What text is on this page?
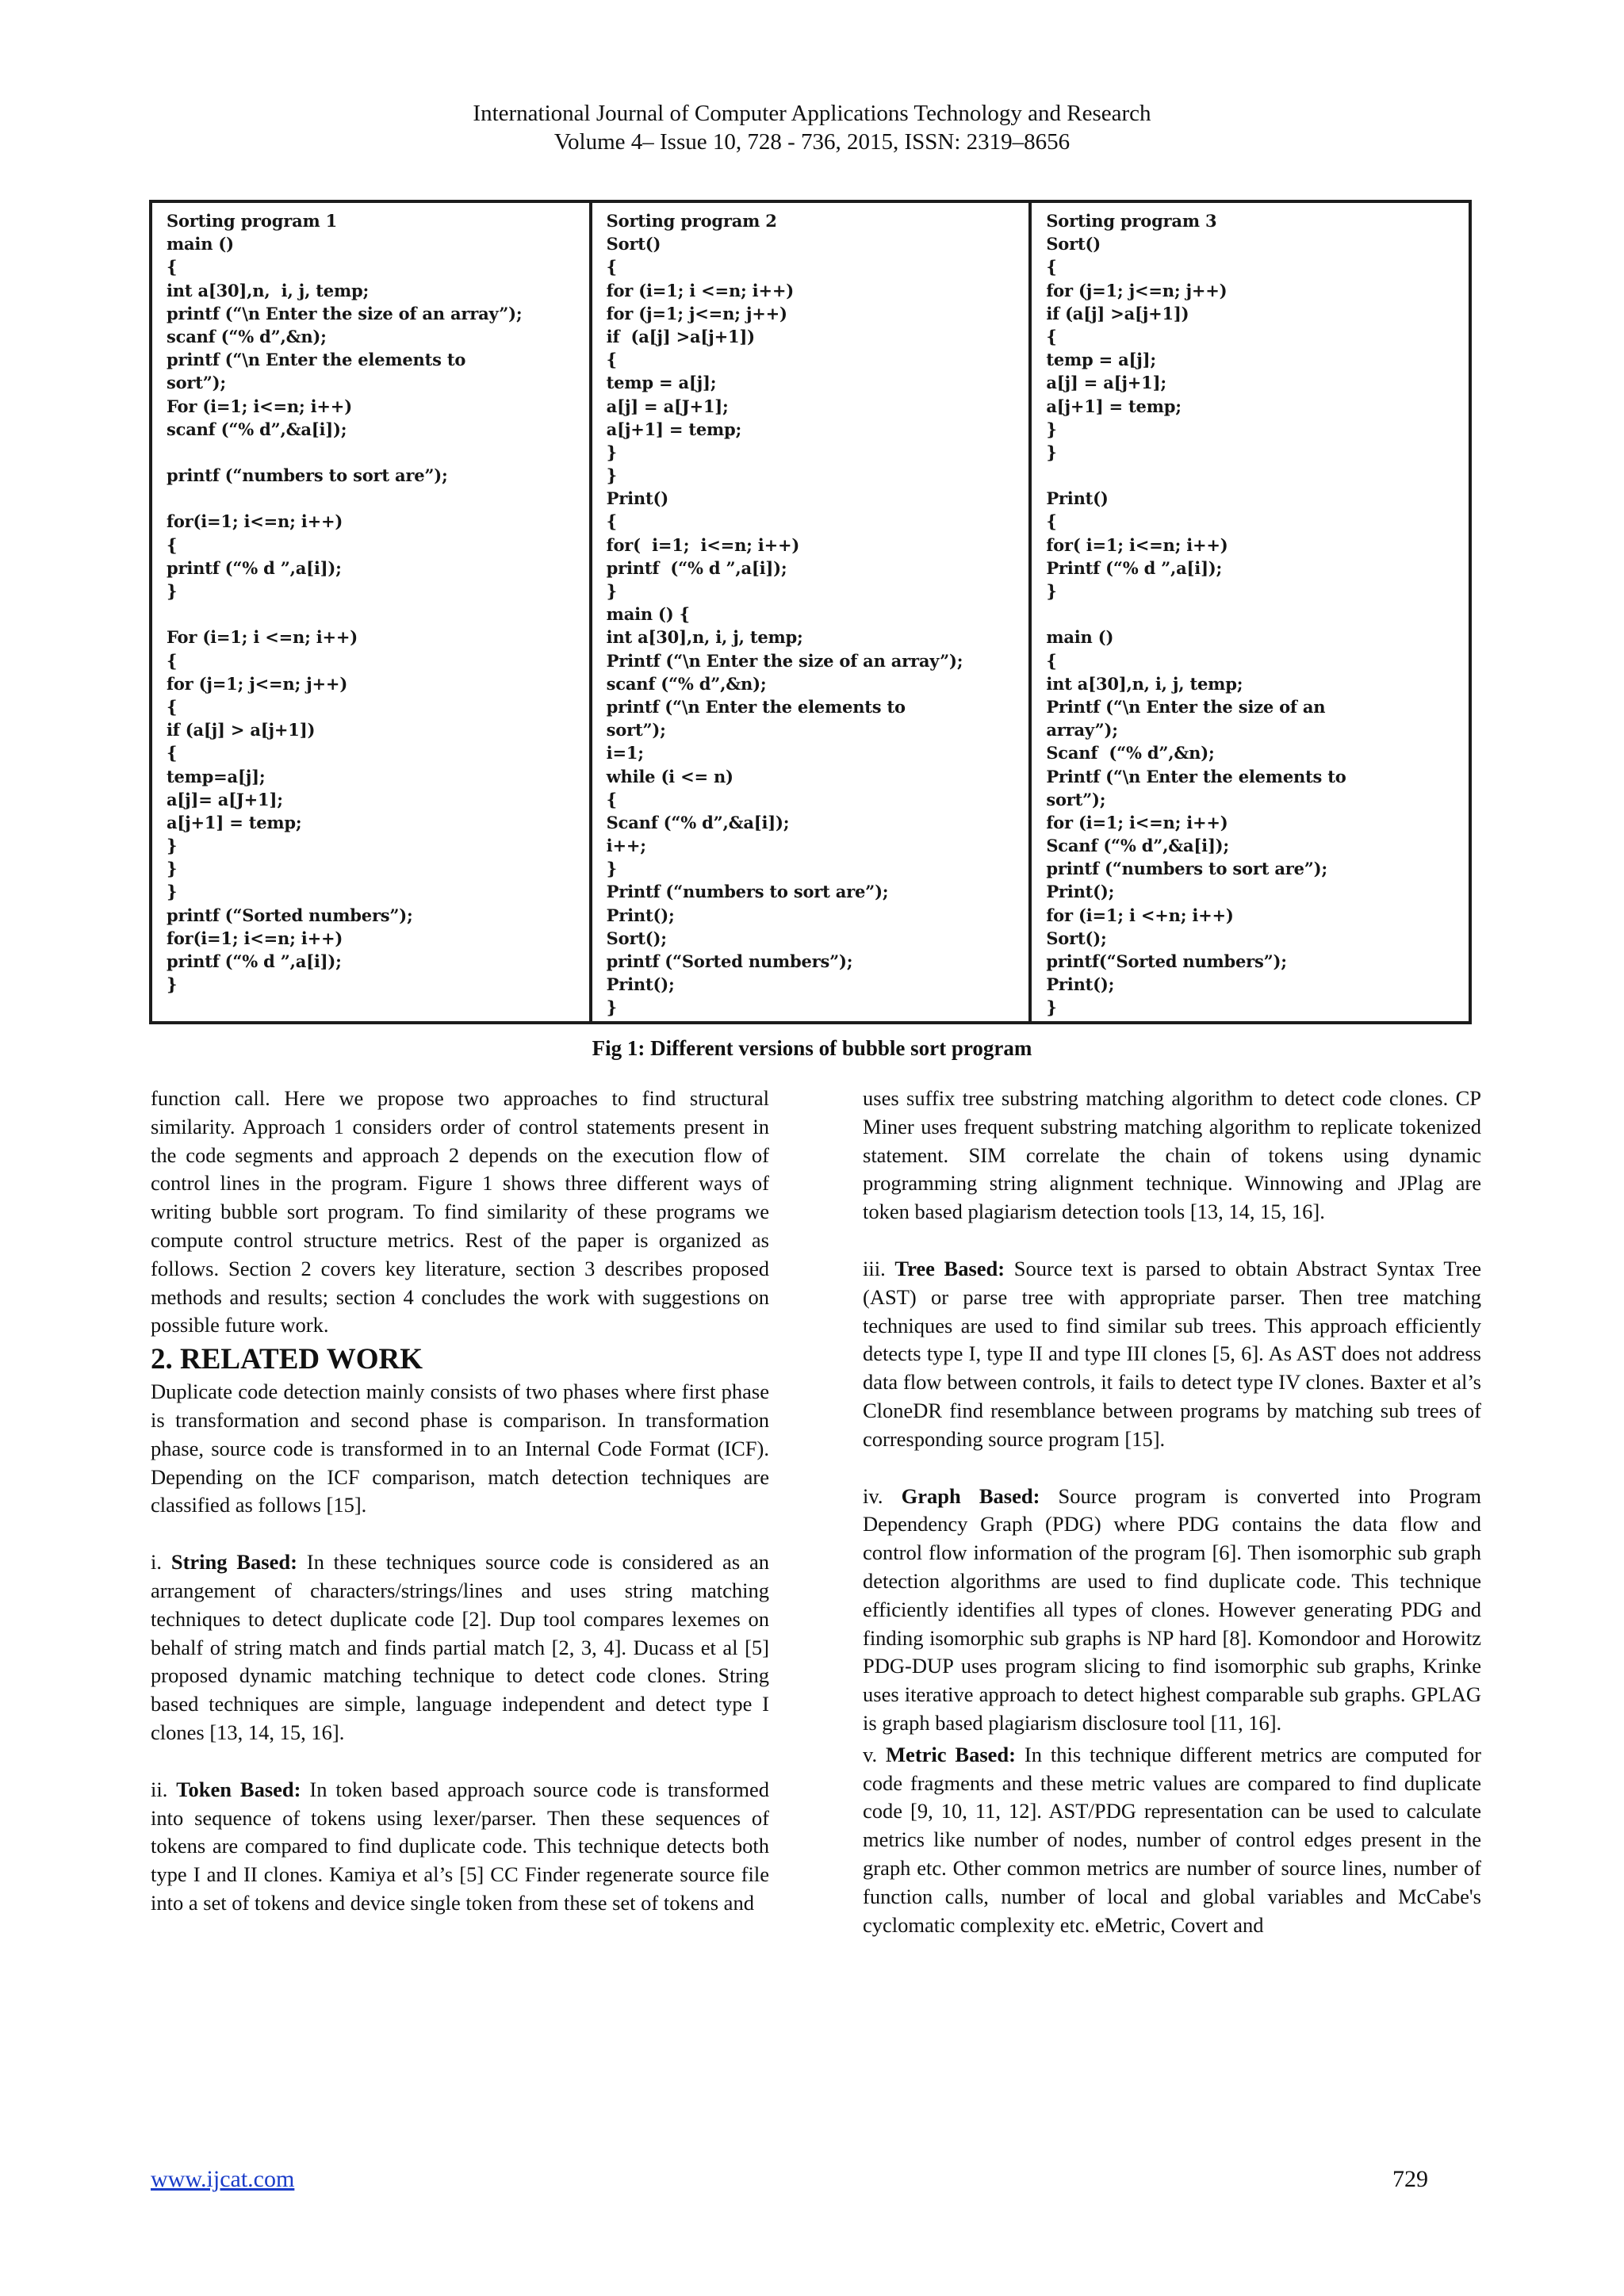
International Journal of Computer Applications Technology and Research
Volume 4– Issue 10, 728 - 736, 2015, ISSN: 2319–8656
Sorting program 1
main ()
{
int a[30],n,  i, j, temp;
printf (“\n Enter the size of an array”);
scanf (“% d”,&n);
printf (“\n Enter the elements to
sort”);
For (i=1; i<=n; i++)
scanf (“% d”,&a[i]);
printf (“numbers to sort are”);
for(i=1; i<=n; i++)
{
printf (“% d ”,a[i]);
}
For (i=1; i <=n; i++)
{
for (j=1; j<=n; j++)
{
if (a[j] > a[j+1])
{
temp=a[j];
a[j]= a[J+1];
a[j+1] = temp;
}
}
}
printf (“Sorted numbers”);
for(i=1; i<=n; i++)
printf (“% d ”,a[i]);
}
Sorting program 2
Sort()
{
for (i=1; i <=n; i++)
for (j=1; j<=n; j++)
if  (a[j] >a[j+1])
{
temp = a[j];
a[j] = a[J+1];
a[j+1] = temp;
}
}
Print()
{
for(  i=1;  i<=n; i++)
printf  (“% d ”,a[i]);
}
main () {
int a[30],n, i, j, temp;
Printf (“\n Enter the size of an array”);
scanf (“% d”,&n);
printf (“\n Enter the elements to
sort”);
i=1;
while (i <= n)
{
Scanf (“% d”,&a[i]);
i++;
}
Printf (“numbers to sort are”);
Print();
Sort();
printf (“Sorted numbers”);
Print();
}
Sorting program 3
Sort()
{
for (j=1; j<=n; j++)
if (a[j] >a[j+1])
{
temp = a[j];
a[j] = a[j+1];
a[j+1] = temp;
}
}
Print()
{
for( i=1; i<=n; i++)
Printf (“% d ”,a[i]);
}
main ()
{
int a[30],n, i, j, temp;
Printf (“\n Enter the size of an
array”);
Scanf  (“% d”,&n);
Printf (“\n Enter the elements to
sort”);
for (i=1; i<=n; i++)
Scanf (“% d”,&a[i]);
printf (“numbers to sort are”);
Print();
for (i=1; i <+n; i++)
Sort();
printf(“Sorted numbers”);
Print();
}
Fig 1: Different versions of bubble sort program

function call. Here we propose two approaches to find structural similarity. Approach 1 considers order of control statements present in the code segments and approach 2 depends on the execution flow of control lines in the program. Figure 1 shows three different ways of writing bubble sort program. To find similarity of these programs we compute control structure metrics. Rest of the paper is organized as follows. Section 2 covers key literature, section 3 describes proposed methods and results; section 4 concludes the work with suggestions on possible future work.

2. RELATED WORK

Duplicate code detection mainly consists of two phases where first phase is transformation and second phase is comparison. In transformation phase, source code is transformed in to an Internal Code Format (ICF). Depending on the ICF comparison, match detection techniques are classified as follows [15].

i. String Based: In these techniques source code is considered as an arrangement of characters/strings/lines and uses string matching techniques to detect duplicate code [2]. Dup tool compares lexemes on behalf of string match and finds partial match [2, 3, 4]. Ducass et al [5] proposed dynamic matching technique to detect code clones. String based techniques are simple, language independent and detect type I clones [13, 14, 15, 16].

ii. Token Based: In token based approach source code is transformed into sequence of tokens using lexer/parser. Then these sequences of tokens are compared to find duplicate code. This technique detects both type I and II clones. Kamiya et al’s [5] CC Finder regenerate source file into a set of tokens and device single token from these set of tokens and

uses suffix tree substring matching algorithm to detect code clones. CP Miner uses frequent substring matching algorithm to replicate tokenized statement. SIM correlate the chain of tokens using dynamic programming string alignment technique. Winnowing and JPlag are token based plagiarism detection tools [13, 14, 15, 16].

iii. Tree Based: Source text is parsed to obtain Abstract Syntax Tree (AST) or parse tree with appropriate parser. Then tree matching techniques are used to find similar sub trees. This approach efficiently detects type I, type II and type III clones [5, 6]. As AST does not address data flow between controls, it fails to detect type IV clones. Baxter et al’s CloneDR find resemblance between programs by matching sub trees of corresponding source program [15].

iv. Graph Based: Source program is converted into Program Dependency Graph (PDG) where PDG contains the data flow and control flow information of the program [6]. Then isomorphic sub graph detection algorithms are used to find duplicate code. This technique efficiently identifies all types of clones. However generating PDG and finding isomorphic sub graphs is NP hard [8]. Komondoor and Horowitz PDG-DUP uses program slicing to find isomorphic sub graphs, Krinke uses iterative approach to detect highest comparable sub graphs. GPLAG is graph based plagiarism disclosure tool [11, 16].

v. Metric Based: In this technique different metrics are computed for code fragments and these metric values are compared to find duplicate code [9, 10, 11, 12]. AST/PDG representation can be used to calculate metrics like number of nodes, number of control edges present in the graph etc. Other common metrics are number of source lines, number of function calls, number of local and global variables and McCabe's cyclomatic complexity etc. eMetric, Covert and

www.ijcat.com	729
